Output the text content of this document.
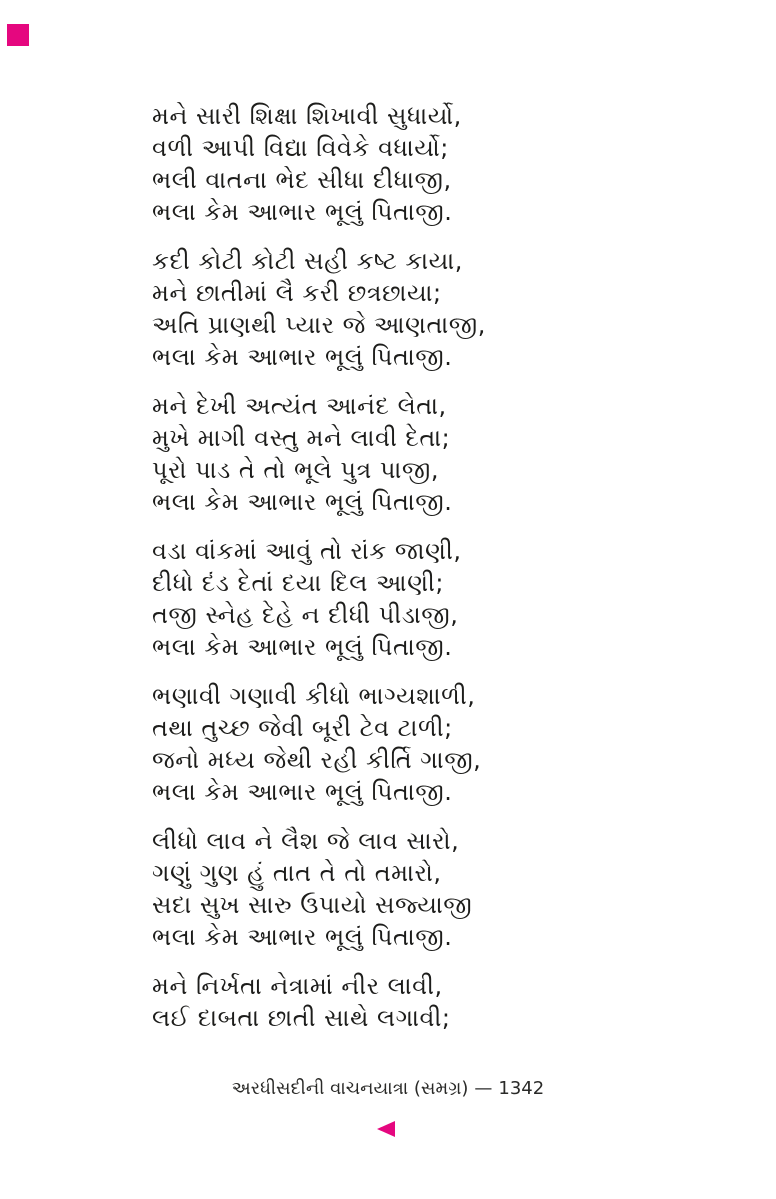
મને સારી શિક્ષા શિખાવી સુધાર્યો,
વળી આપી વિદ્યા વિવેકે વધાર્યો;
ભલી વાતના ભેદ સીધા દીધાજી,
ભલા કેમ આભાર ભૂલું પિતાજી.
કદી કોટી કોટી સહી કષ્ટ કાયા,
મને છાતીમાં લૈ કરી છત્રછાયા;
અતિ પ્રાણથી પ્યાર જે આણતાજી,
ભલા કેમ આભાર ભૂલું પિતાજી.
મને દેખી અત્યંત આનંદ લેતા,
મુખે માગી વસ્તુ મને લાવી દેતા;
પૂરો પાડ તે તો ભૂલે પુત્ર પાજી,
ભલા કેમ આભાર ભૂલું પિતાજી.
વડા વાંકમાં આવું તો રાંક જાણી,
દીધો દંડ દેતાં દયા દિલ આણી;
તજી સ્નેહ દેહે ન દીધી પીડાજી,
ભલા કેમ આભાર ભૂલું પિતાજી.
ભણાવી ગણાવી કીધો ભાગ્યશાળી,
તથા તુચ્છ જેવી બૂરી ટેવ ટાળી;
જનો મધ્ય જેથી રહી કીર્તિ ગાજી,
ભલા કેમ આભાર ભૂલું પિતાજી.
લીધો લાવ ને લૈશ જે લાવ સારો,
ગણું ગુણ હું તાત તે તો તમારો,
સદા સુખ સારુ ઉપાયો સજ્યાજી
ભલા કેમ આભાર ભૂલું પિતાજી.
મને નિર્ખતા નેત્રામાં નીર લાવી,
લઈ દાબતા છાતી સાથે લગાવી;
અરધીસદીની વાચનયાત્રા (સમગ્ર) — 1342
